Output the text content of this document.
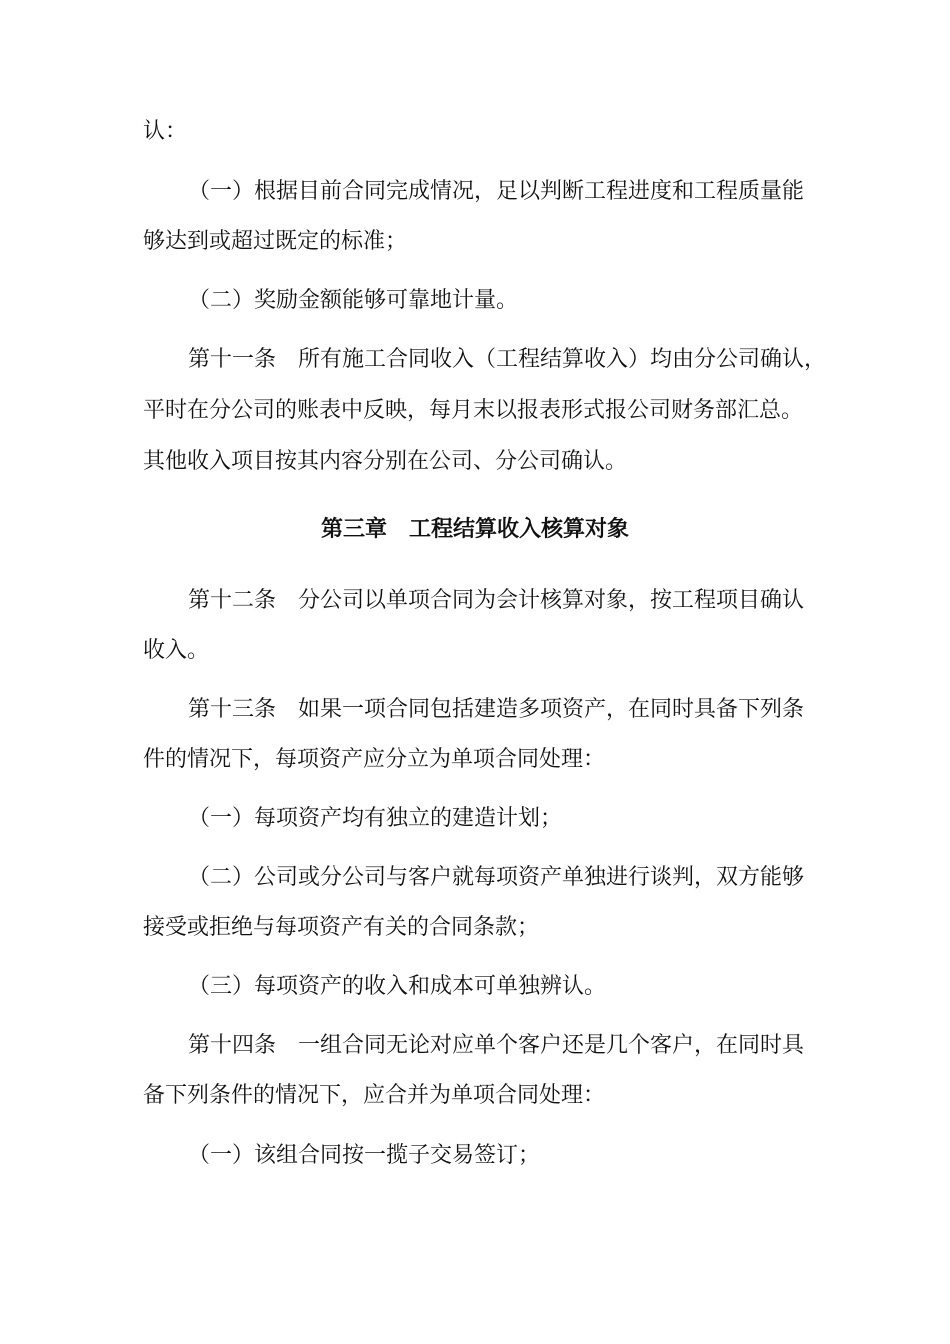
认：
（一）根据目前合同完成情况，足以判断工程进度和工程质量能
够达到或超过既定的标准；
（二）奖励金额能够可靠地计量。
第十一条　所有施工合同收入（工程结算收入）均由分公司确认，
平时在分公司的账表中反映，每月末以报表形式报公司财务部汇总。
其他收入项目按其内容分别在公司、分公司确认。
第三章　工程结算收入核算对象
第十二条　分公司以单项合同为会计核算对象，按工程项目确认
收入。
第十三条　如果一项合同包括建造多项资产，在同时具备下列条
件的情况下，每项资产应分立为单项合同处理：
（一）每项资产均有独立的建造计划；
（二）公司或分公司与客户就每项资产单独进行谈判，双方能够
接受或拒绝与每项资产有关的合同条款；
（三）每项资产的收入和成本可单独辨认。
第十四条　一组合同无论对应单个客户还是几个客户，在同时具
备下列条件的情况下，应合并为单项合同处理：
（一）该组合同按一揽子交易签订；
